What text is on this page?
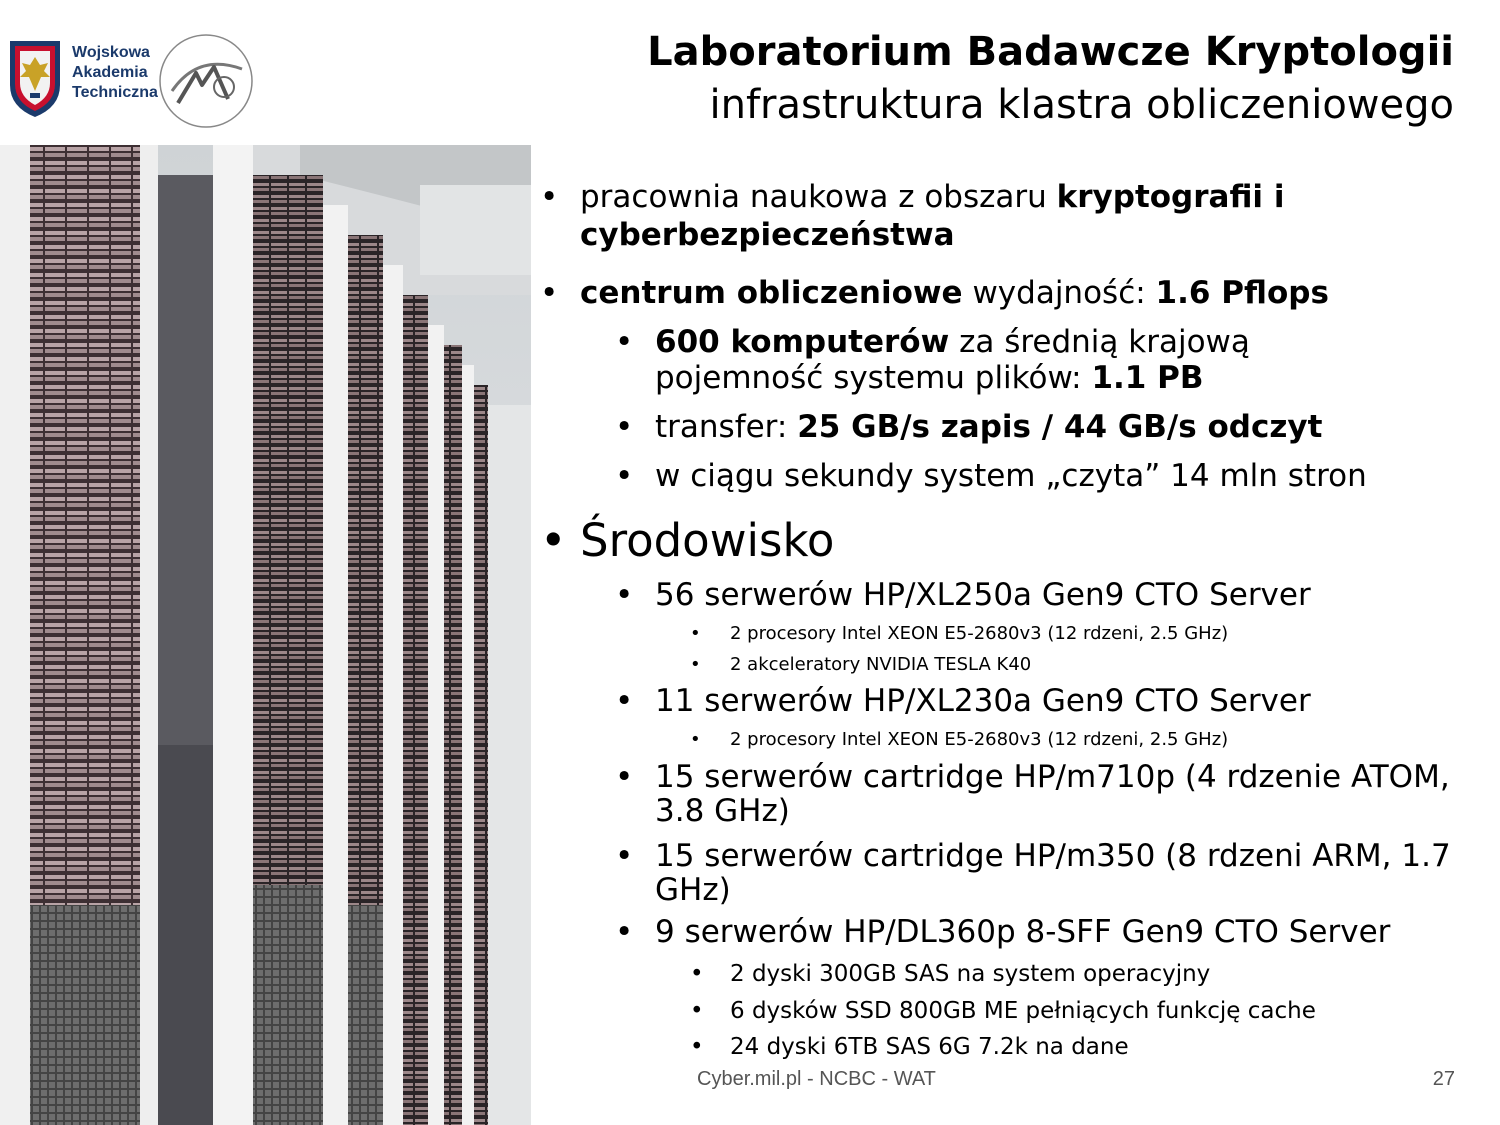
Wojskowa
Akademia
Techniczna
Laboratorium Badawcze Kryptologii
infrastruktura klastra obliczeniowego
• pracownia naukowa z obszaru kryptografii i
cyberbezpieczeństwa
• centrum obliczeniowe wydajność: 1.6 Pflops
• 600 komputerów za średnią krajową
pojemność systemu plików: 1.1 PB
• transfer: 25 GB/s zapis / 44 GB/s odczyt
• w ciągu sekundy system „czyta” 14 mln stron
• Środowisko
• 56 serwerów HP/XL250a Gen9 CTO Server
• 2 procesory Intel XEON E5-2680v3 (12 rdzeni, 2.5 GHz)
• 2 akceleratory NVIDIA TESLA K40
• 11 serwerów HP/XL230a Gen9 CTO Server
• 2 procesory Intel XEON E5-2680v3 (12 rdzeni, 2.5 GHz)
• 15 serwerów cartridge HP/m710p (4 rdzenie ATOM,
3.8 GHz)
• 15 serwerów cartridge HP/m350 (8 rdzeni ARM, 1.7
GHz)
• 9 serwerów HP/DL360p 8-SFF Gen9 CTO Server
• 2 dyski 300GB SAS na system operacyjny
• 6 dysków SSD 800GB ME pełniących funkcję cache
• 24 dyski 6TB SAS 6G 7.2k na dane
Cyber.mil.pl - NCBC - WAT	27
